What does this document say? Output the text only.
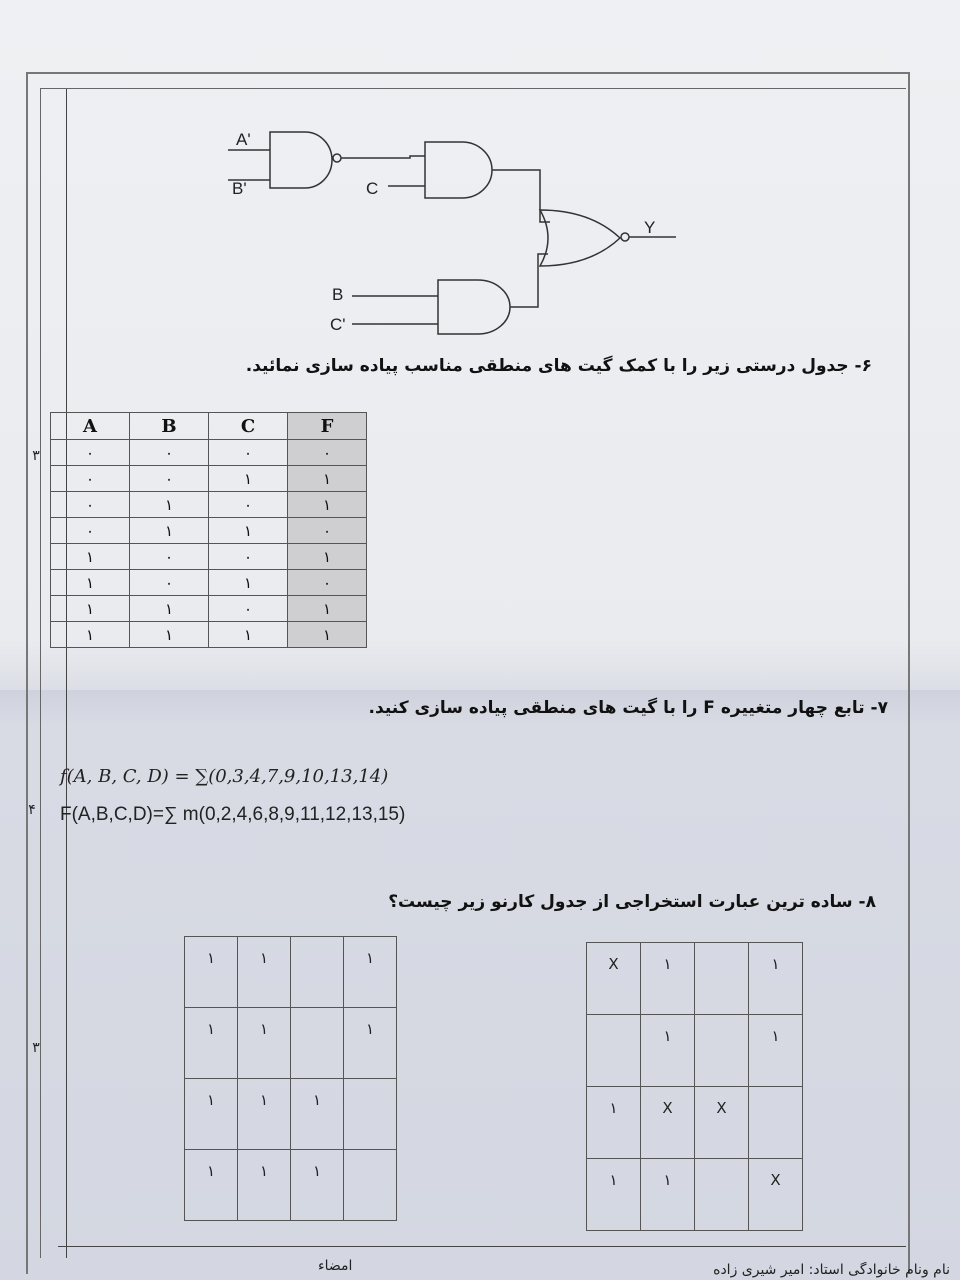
A'
B'	C
Y
B
C'
۶- جدول درستی زیر را با کمک گیت های منطقی مناسب پیاده سازی نمائید.
۳
A	B	C	F
۰	۰	۰	۰
۰	۰	۱	۱
۰	۱	۰	۱
۰	۱	۱	۰
۱	۰	۰	۱
۱	۰	۱	۰
۱	۱	۰	۱
۱	۱	۱	۱
۷- تابع چهار متغییره F را با گیت های منطقی پیاده سازی کنید.
۴
f(A, B, C, D) = ∑(0,3,4,7,9,10,13,14)
F(A,B,C,D)=∑ m(0,2,4,6,8,9,11,12,13,15)
۸- ساده ترین عبارت استخراجی از جدول کارنو زیر چیست؟
۳
۱	۱		۱

۱	۱		۱

۱	۱	۱	

۱	۱	۱	

X	۱		۱

	۱		۱

۱	X	X	

۱	۱		X
امضاء	نام ونام خانوادگی استاد: امیر شیری زاده
